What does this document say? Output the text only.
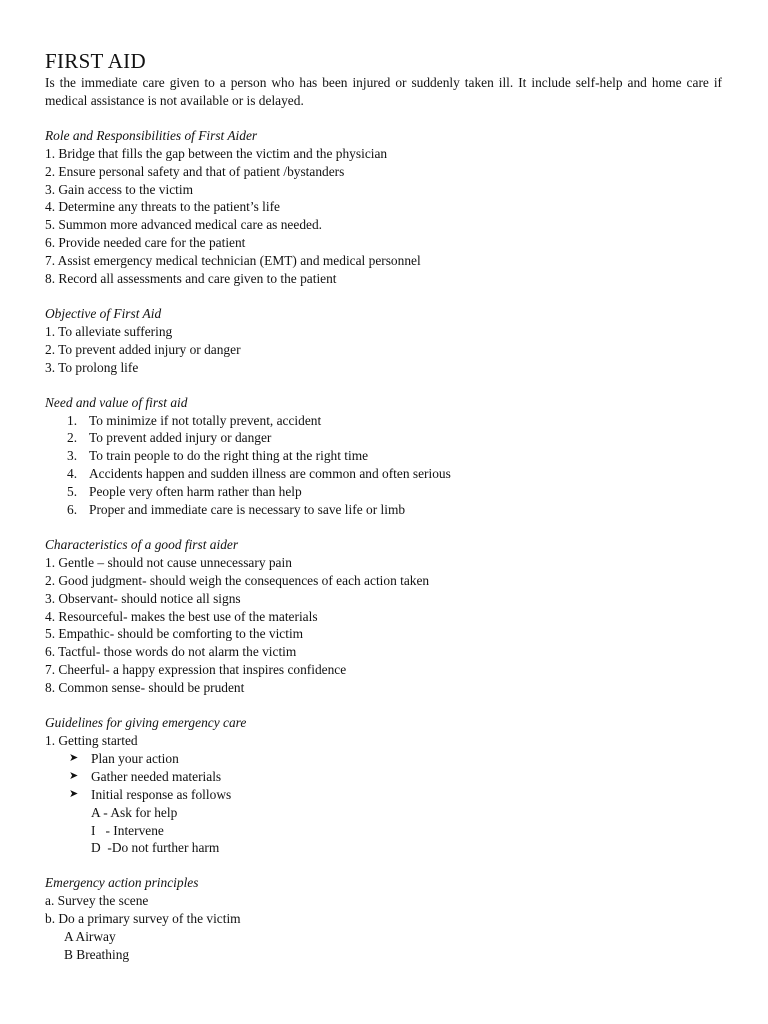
FIRST AID

Is the immediate care given to a person who has been injured or suddenly taken ill. It include self-help and home care if medical assistance is not available or is delayed.

Role and Responsibilities of First Aider

1. Bridge that fills the gap between the victim and the physician
2. Ensure personal safety and that of patient /bystanders
3. Gain access to the victim
4. Determine any threats to the patient’s life
5. Summon more advanced medical care as needed.
6. Provide needed care for the patient
7. Assist emergency medical technician (EMT) and medical personnel
8. Record all assessments and care given to the patient

Objective of First Aid

1. To alleviate suffering
2. To prevent added injury or danger
3. To prolong life

Need and value of first aid

1. To minimize if not totally prevent, accident
2. To prevent added injury or danger
3. To train people to do the right thing at the right time
4. Accidents happen and sudden illness are common and often serious
5. People very often harm rather than help
6. Proper and immediate care is necessary to save life or limb

Characteristics of a good first aider

1. Gentle – should not cause unnecessary pain
2. Good judgment- should weigh the consequences of each action taken
3. Observant- should notice all signs
4. Resourceful- makes the best use of the materials
5. Empathic- should be comforting to the victim
6. Tactful- those words do not alarm the victim
7. Cheerful- a happy expression that inspires confidence
8. Common sense- should be prudent

Guidelines for giving emergency care

1. Getting started
➤ Plan your action
➤ Gather needed materials
➤ Initial response as follows
A - Ask for help
I   - Intervene
D  -Do not further harm

Emergency action principles

a. Survey the scene
b. Do a primary survey of the victim
A Airway
B Breathing
